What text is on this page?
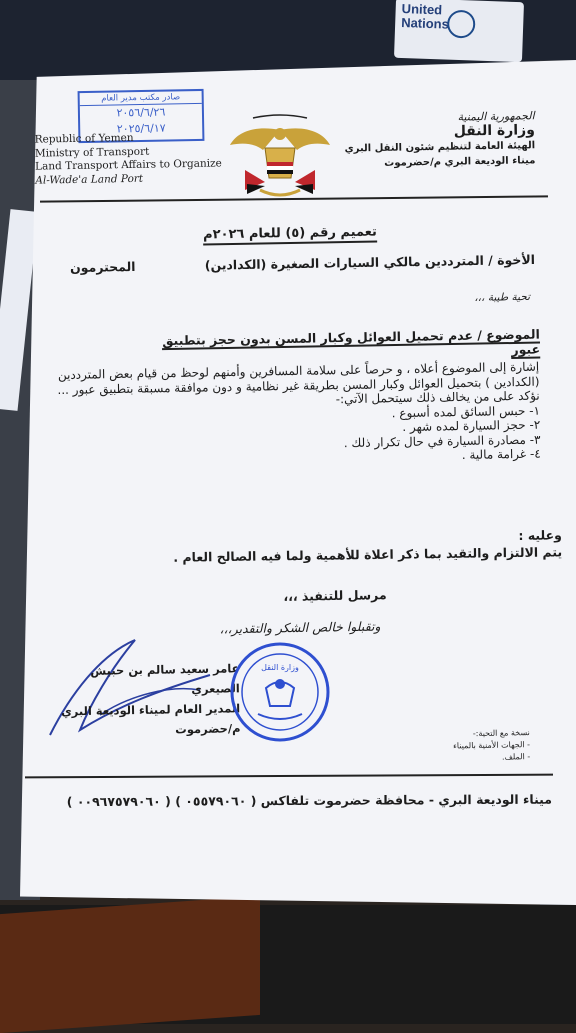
United Nations
صادر مكتب مدير العام
٢٠٥٦/٦/٢٦
٢٠٢٥/٦/١٧
Republic of Yemen
Ministry of Transport
Land Transport Affairs to Organize
Al-Wade'a Land Port
الجمهورية اليمنية
وزارة النقل
الهيئة العامة لتنظيم شئون النقل البري
ميناء الوديعة البري م/حضرموت
تعميم رقم (٥) للعام ٢٠٢٦م
الأخوة / المترددين مالكي السيارات الصغيرة (الكدادين)
المحترمون
تحية طيبة ،،،
الموضوع / عدم تحميل العوائل وكبار المسن بدون حجز بتطبيق عبور
إشارة إلى الموضوع أعلاه ، و حرصاً على سلامة المسافرين وأمنهم لوحظ من قيام بعض المترددين (الكدادين ) بتحميل العوائل وكبار المسن بطريقة غير نظامية و دون موافقة مسبقة بتطبيق عبور ... نؤكد على من يخالف ذلك سيتحمل الآتي:-
١- حبس السائق لمده أسبوع .
٢- حجز السيارة لمده شهر .
٣- مصادرة السيارة في حال تكرار ذلك .
٤- غرامة مالية .
وعليه :
يتم الالتزام والتقيد بما ذكر اعلاة للأهمية ولما فيه الصالح العام .
مرسل للتنفيذ ،،،
وتقبلوا خالص الشكر والتقدير،،،
عامر سعيد سالم بن حبيش الصيعري
المدير العام لميناء الوديعة البري
م/حضرموت
وزارة النقل
نسخة مع التحية:-
- الجهات الأمنية بالميناء
- الملف.
ميناء الوديعة البري - محافظة حضرموت تلفاكس ( ٠٥٥٧٩٠٦٠ ) ( ٠٠٩٦٧٥٧٩٠٦٠ )
